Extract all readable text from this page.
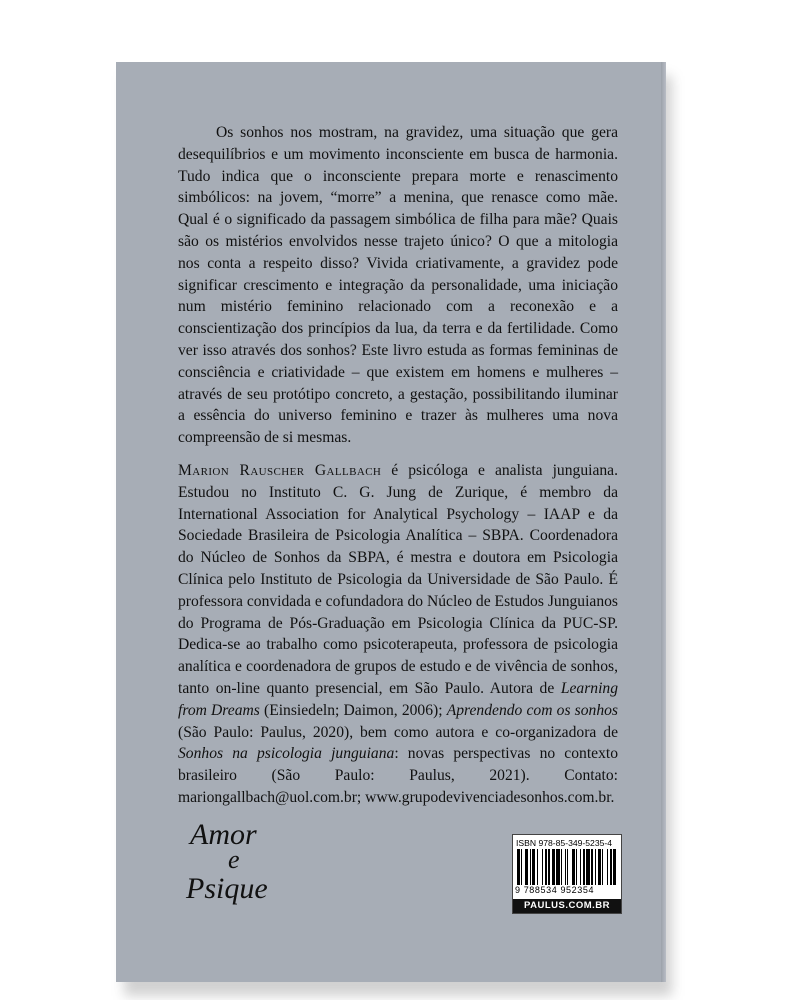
Os sonhos nos mostram, na gravidez, uma situação que gera desequilíbrios e um movimento inconsciente em busca de harmonia. Tudo indica que o inconsciente prepara morte e renascimento simbólicos: na jovem, “morre” a menina, que renasce como mãe. Qual é o significado da passagem simbólica de filha para mãe? Quais são os mistérios envolvidos nesse trajeto único? O que a mitologia nos conta a respeito disso? Vivida criativamente, a gravidez pode significar crescimento e integração da personalidade, uma iniciação num mistério feminino relacionado com a reconexão e a conscientização dos princípios da lua, da terra e da fertilidade. Como ver isso através dos sonhos? Este livro estuda as formas femininas de consciência e criatividade – que existem em homens e mulheres – através de seu protótipo concreto, a gestação, possibilitando iluminar a essência do universo feminino e trazer às mulheres uma nova compreensão de si mesmas.

Marion Rauscher Gallbach é psicóloga e analista junguiana. Estudou no Instituto C. G. Jung de Zurique, é membro da International Association for Analytical Psychology – IAAP e da Sociedade Brasileira de Psicologia Analítica – SBPA. Coordenadora do Núcleo de Sonhos da SBPA, é mestra e doutora em Psicologia Clínica pelo Instituto de Psicologia da Universidade de São Paulo. É professora convidada e cofundadora do Núcleo de Estudos Junguianos do Programa de Pós-Graduação em Psicologia Clínica da PUC-SP. Dedica-se ao trabalho como psicoterapeuta, professora de psicologia analítica e coordenadora de grupos de estudo e de vivência de sonhos, tanto on-line quanto presencial, em São Paulo. Autora de Learning from Dreams (Einsiedeln; Daimon, 2006); Aprendendo com os sonhos (São Paulo: Paulus, 2020), bem como autora e co-organizadora de Sonhos na psicologia junguiana: novas perspectivas no contexto brasileiro (São Paulo: Paulus, 2021). Contato: mariongallbach@uol.com.br; www.grupodevivenciadesonhos.com.br.

Amor
e
Psique
ISBN 978-85-349-5235-4
9 788534 952354
PAULUS.COM.BR
